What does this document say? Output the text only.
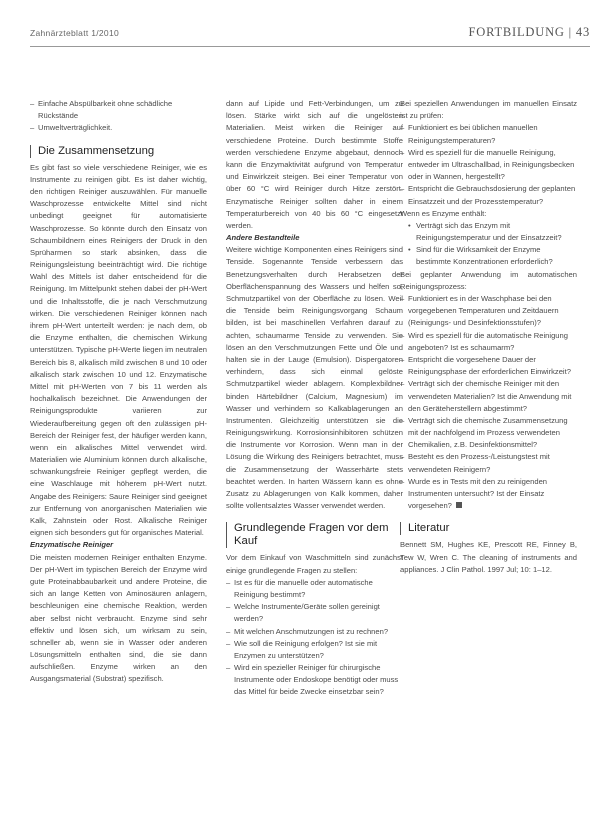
Zahnärzteblatt 1/2010	FORTBILDUNG | 43
– Einfache Abspülbarkeit ohne schädliche Rückstände
– Umweltverträglichkeit.
Die Zusammensetzung

Es gibt fast so viele verschiedene Reiniger, wie es Instrumente zu reinigen gibt. Es ist daher wichtig, den richtigen Reiniger auszuwählen. Für manuelle Waschprozesse entwickelte Mittel sind nicht unbedingt geeignet für automatisierte Waschprozesse. So könnte durch den Einsatz von Schaumbildnern eines Reinigers der Druck in den Sprüharmen so stark absinken, dass die Reinigungsleistung beeinträchtigt wird. Die richtige Wahl des Mittels ist daher entscheidend für die Reinigung. Im Mittelpunkt stehen dabei der pH-Wert und die Inhaltsstoffe, die je nach Verschmutzung wirken. Die verschiedenen Reiniger können nach ihrem pH-Wert unterteilt werden: je nach dem, ob die Enzyme enthalten, die chemischen Wirkung unterstützen. Typische pH-Werte liegen im neutralen Bereich bis 8, alkalisch mild zwischen 8 und 10 oder alkalisch stark zwischen 10 und 12. Enzymatische Mittel mit pH-Werten von 7 bis 11 werden als hochalkalisch bezeichnet. Die Anwendungen der Reinigungsprodukte variieren zur Wiederaufbereitung gegen oft den zulässigen pH-Bereich der Reiniger fest, der häufiger werden kann, wenn ein alkalisches Mittel verwendet wird. Materialien wie Aluminium können durch alkalische, schwankungsfreie Reiniger gepflegt werden, die eine Waschlauge mit höherem pH-Wert nutzt. Angabe des Reinigers: Saure Reiniger sind geeignet zur Entfernung von anorganischen Materialien wie Kalk, Zahnstein oder Rost. Alkalische Reiniger eignen sich besonders gut für organisches Material.

Enzymatische Reiniger

Die meisten modernen Reiniger enthalten Enzyme. Der pH-Wert im typischen Bereich der Enzyme wird gute Proteinabbaubarkeit und andere Proteine, die sich an lange Ketten von Aminosäuren anlagern, beschleunigen eine chemische Reaktion, werden aber selbst nicht verbraucht. Enzyme sind sehr effektiv und lösen sich, um wirksam zu sein, schneller ab, wenn sie in Wasser oder anderen Lösungsmitteln enthalten sind, die sie dann aufschließen. Enzyme wirken an den Ausgangsmaterial (Substrat) spezifisch.

dann auf Lipide und Fett-Verbindungen, um zu lösen. Stärke wirkt sich auf die ungelösten Materialien. Meist wirken die Reiniger auf verschiedene Proteine. Durch bestimmte Stoffe werden verschiedene Enzyme abgebaut, dennoch kann die Enzymaktivität aufgrund von Temperatur und Einwirkzeit steigen. Bei einer Temperatur von über 60 °C wird Reiniger durch Hitze zerstört. Enzymatische Reiniger sollten daher in einem Temperaturbereich von 40 bis 60 °C eingesetzt werden.

Andere Bestandteile

Weitere wichtige Komponenten eines Reinigers sind Tenside. Sogenannte Tenside verbessern das Benetzungsverhalten durch Herabsetzen der Oberflächenspannung des Wassers und helfen so, Schmutzpartikel von der Oberfläche zu lösen. Weil die Tenside beim Reinigungsvorgang Schaum bilden, ist bei maschinellen Verfahren darauf zu achten, schaumarme Tenside zu verwenden. Sie lösen an den Verschmutzungen Fette und Öle und halten sie in der Lauge (Emulsion). Dispergatoren verhindern, dass sich einmal gelöste Schmutzpartikel wieder ablagern. Komplexbildner binden Härtebildner (Calcium, Magnesium) im Wasser und verhindern so Kalkablagerungen an Instrumenten. Gleichzeitig unterstützen sie die Reinigungswirkung. Korrosionsinhibitoren schützen die Instrumente vor Korrosion. Wenn man in der Lösung die Wirkung des Reinigers betrachtet, muss die Zusammensetzung der Wasserhärte stets beachtet werden. In harten Wässern kann es ohne Zusatz zu Ablagerungen von Kalk kommen, daher sollte vollentsalztes Wasser verwendet werden.

Grundlegende Fragen vor dem Kauf

Vor dem Einkauf von Waschmitteln sind zunächst einige grundlegende Fragen zu stellen:

– Ist es für die manuelle oder automatische Reinigung bestimmt?
– Welche Instrumente/Geräte sollen gereinigt werden?
– Mit welchen Anschmutzungen ist zu rechnen?
– Wie soll die Reinigung erfolgen? Ist sie mit Enzymen zu unterstützen?
– Wird ein spezieller Reiniger für chirurgische Instrumente oder Endoskope benötigt oder muss das Mittel für beide Zwecke einsetzbar sein?

Bei speziellen Anwendungen im manuellen Einsatz ist zu prüfen:

– Funktioniert es bei üblichen manuellen Reinigungstemperaturen?
– Wird es speziell für die manuelle Reinigung, entweder im Ultraschallbad, in Reinigungsbecken oder in Wannen, hergestellt?
– Entspricht die Gebrauchsdosierung der geplanten Einsatzzeit und der Prozesstemperatur?

Wenn es Enzyme enthält:

• Verträgt sich das Enzym mit Reinigungstemperatur und der Einsatzzeit?
• Sind für die Wirksamkeit der Enzyme bestimmte Konzentrationen erforderlich?

Bei geplanter Anwendung im automatischen Reinigungsprozess:

– Funktioniert es in der Waschphase bei den vorgegebenen Temperaturen und Zeitdauern (Reinigungs- und Desinfektionsstufen)?
– Wird es speziell für die automatische Reinigung angeboten? Ist es schaumarm?
– Entspricht die vorgesehene Dauer der Reinigungsphase der erforderlichen Einwirkzeit?
– Verträgt sich der chemische Reiniger mit den verwendeten Materialien? Ist die Anwendung mit den Geräteherstellern abgestimmt?
– Verträgt sich die chemische Zusammensetzung mit der nachfolgend im Prozess verwendeten Chemikalien, z.B. Desinfektionsmittel?
– Besteht es den Prozess-/Leistungstest mit verwendeten Reinigern?
– Wurde es in Tests mit den zu reinigenden Instrumenten untersucht? Ist der Einsatz vorgesehen?
Literatur

Bennett SM, Hughes KE, Prescott RE, Finney B, Tew W, Wren C. The cleaning of instruments and appliances. J Clin Pathol. 1997 Jul; 10: 1–12.
